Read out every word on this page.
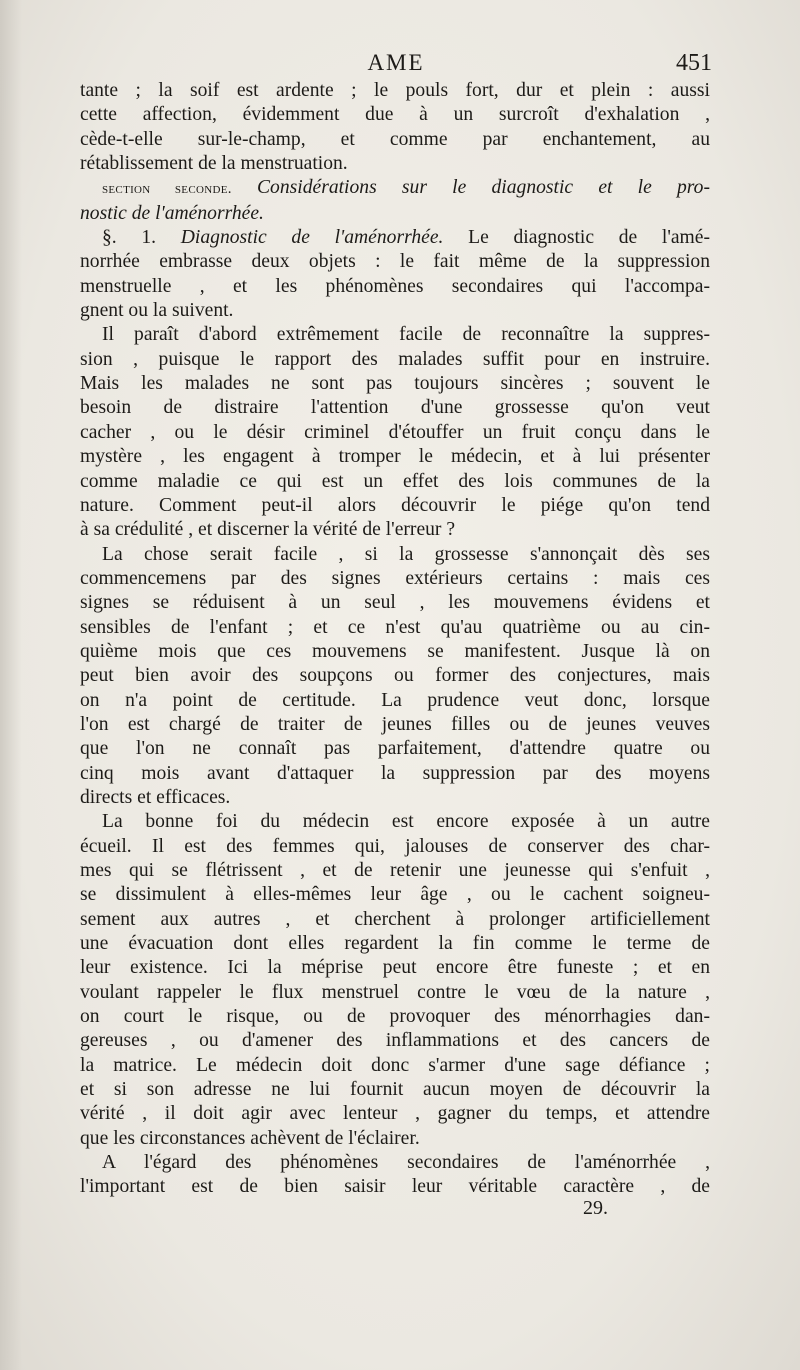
AME	451
tante ; la soif est ardente ; le pouls fort, dur et plein : aussi
cette affection, évidemment due à un surcroît d'exhalation ,
cède-t-elle sur-le-champ, et comme par enchantement, au
rétablissement de la menstruation.
section seconde. Considérations sur le diagnostic et le pro-
nostic de l'aménorrhée.
§. 1. Diagnostic de l'aménorrhée. Le diagnostic de l'amé-
norrhée embrasse deux objets : le fait même de la suppression
menstruelle , et les phénomènes secondaires qui l'accompa-
gnent ou la suivent.
Il paraît d'abord extrêmement facile de reconnaître la suppres-
sion , puisque le rapport des malades suffit pour en instruire.
Mais les malades ne sont pas toujours sincères ; souvent le
besoin de distraire l'attention d'une grossesse qu'on veut
cacher , ou le désir criminel d'étouffer un fruit conçu dans le
mystère , les engagent à tromper le médecin, et à lui présenter
comme maladie ce qui est un effet des lois communes de la
nature. Comment peut-il alors découvrir le piége qu'on tend
à sa crédulité , et discerner la vérité de l'erreur ?
La chose serait facile , si la grossesse s'annonçait dès ses
commencemens par des signes extérieurs certains : mais ces
signes se réduisent à un seul , les mouvemens évidens et
sensibles de l'enfant ; et ce n'est qu'au quatrième ou au cin-
quième mois que ces mouvemens se manifestent. Jusque là on
peut bien avoir des soupçons ou former des conjectures, mais
on n'a point de certitude. La prudence veut donc, lorsque
l'on est chargé de traiter de jeunes filles ou de jeunes veuves
que l'on ne connaît pas parfaitement, d'attendre quatre ou
cinq mois avant d'attaquer la suppression par des moyens
directs et efficaces.
La bonne foi du médecin est encore exposée à un autre
écueil. Il est des femmes qui, jalouses de conserver des char-
mes qui se flétrissent , et de retenir une jeunesse qui s'enfuit ,
se dissimulent à elles-mêmes leur âge , ou le cachent soigneu-
sement aux autres , et cherchent à prolonger artificiellement
une évacuation dont elles regardent la fin comme le terme de
leur existence. Ici la méprise peut encore être funeste ; et en
voulant rappeler le flux menstruel contre le vœu de la nature ,
on court le risque, ou de provoquer des ménorrhagies dan-
gereuses , ou d'amener des inflammations et des cancers de
la matrice. Le médecin doit donc s'armer d'une sage défiance ;
et si son adresse ne lui fournit aucun moyen de découvrir la
vérité , il doit agir avec lenteur , gagner du temps, et attendre
que les circonstances achèvent de l'éclairer.
A l'égard des phénomènes secondaires de l'aménorrhée ,
l'important est de bien saisir leur véritable caractère , de
29.
